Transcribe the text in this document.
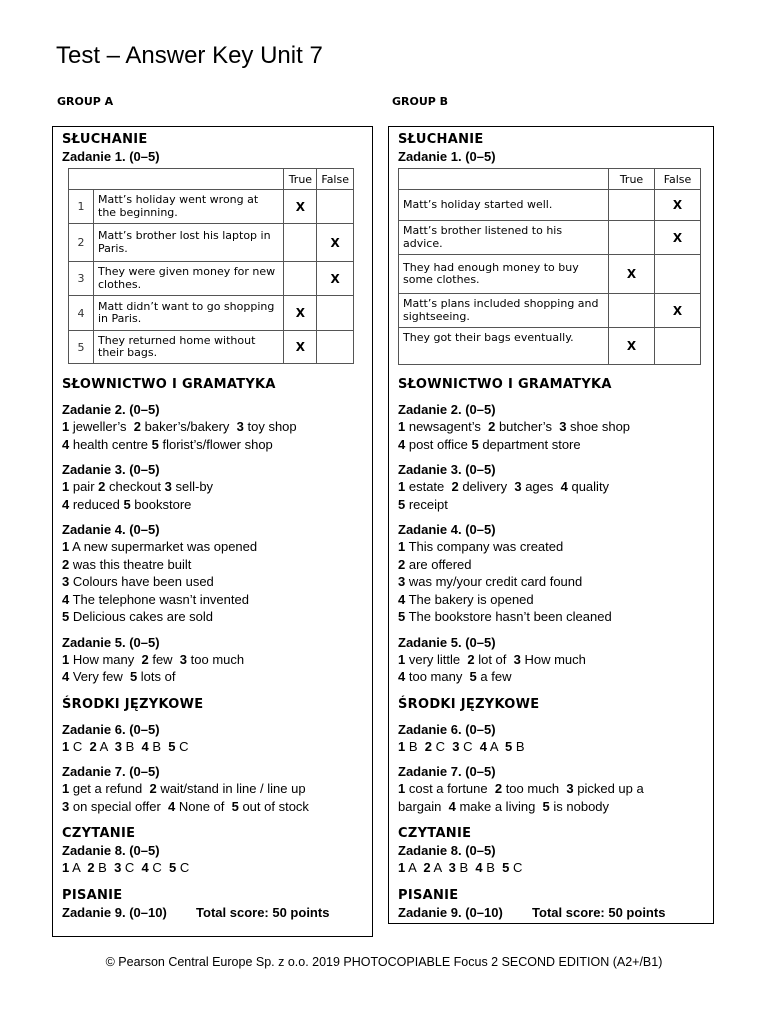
Test – Answer Key Unit 7
GROUP A	GROUP B
SŁUCHANIE
Zadanie 1. (0–5)
		True	False
1	Matt’s holiday went wrong at the beginning.	X	
2	Matt’s brother lost his laptop in Paris.		X
3	They were given money for new clothes.		X
4	Matt didn’t want to go shopping in Paris.	X	
5	They returned home without their bags.	X	
SŁOWNICTWO I GRAMATYKA
Zadanie 2. (0–5)
1 jeweller’s  2 baker’s/bakery  3 toy shop
4 health centre 5 florist’s/flower shop
Zadanie 3. (0–5)
1 pair 2 checkout 3 sell-by
4 reduced 5 bookstore
Zadanie 4. (0–5)
1 A new supermarket was opened
2 was this theatre built
3 Colours have been used
4 The telephone wasn’t invented
5 Delicious cakes are sold
Zadanie 5. (0–5)
1 How many  2 few  3 too much
4 Very few  5 lots of
ŚRODKI JĘZYKOWE
Zadanie 6. (0–5)
1 C  2 A  3 B  4 B  5 C
Zadanie 7. (0–5)
1 get a refund  2 wait/stand in line / line up
3 on special offer  4 None of  5 out of stock
CZYTANIE
Zadanie 8. (0–5)
1 A  2 B  3 C  4 C  5 C
PISANIE
Zadanie 9. (0–10) Total score: 50 points
SŁUCHANIE
Zadanie 1. (0–5)
	True	False
Matt’s holiday started well.		X
Matt’s brother listened to his advice.		X
They had enough money to buy some clothes.	X	
Matt’s plans included shopping and sightseeing.		X
They got their bags eventually.	X	
SŁOWNICTWO I GRAMATYKA
Zadanie 2. (0–5)
1 newsagent’s  2 butcher’s  3 shoe shop
4 post office 5 department store
Zadanie 3. (0–5)
1 estate  2 delivery  3 ages  4 quality
5 receipt
Zadanie 4. (0–5)
1 This company was created
2 are offered
3 was my/your credit card found
4 The bakery is opened
5 The bookstore hasn’t been cleaned
Zadanie 5. (0–5)
1 very little  2 lot of  3 How much
4 too many  5 a few
ŚRODKI JĘZYKOWE
Zadanie 6. (0–5)
1 B  2 C  3 C  4 A  5 B
Zadanie 7. (0–5)
1 cost a fortune  2 too much  3 picked up a
bargain  4 make a living  5 is nobody
CZYTANIE
Zadanie 8. (0–5)
1 A  2 A  3 B  4 B  5 C
PISANIE
Zadanie 9. (0–10) Total score: 50 points
© Pearson Central Europe Sp. z o.o. 2019 PHOTOCOPIABLE Focus 2 SECOND EDITION (A2+/B1)
